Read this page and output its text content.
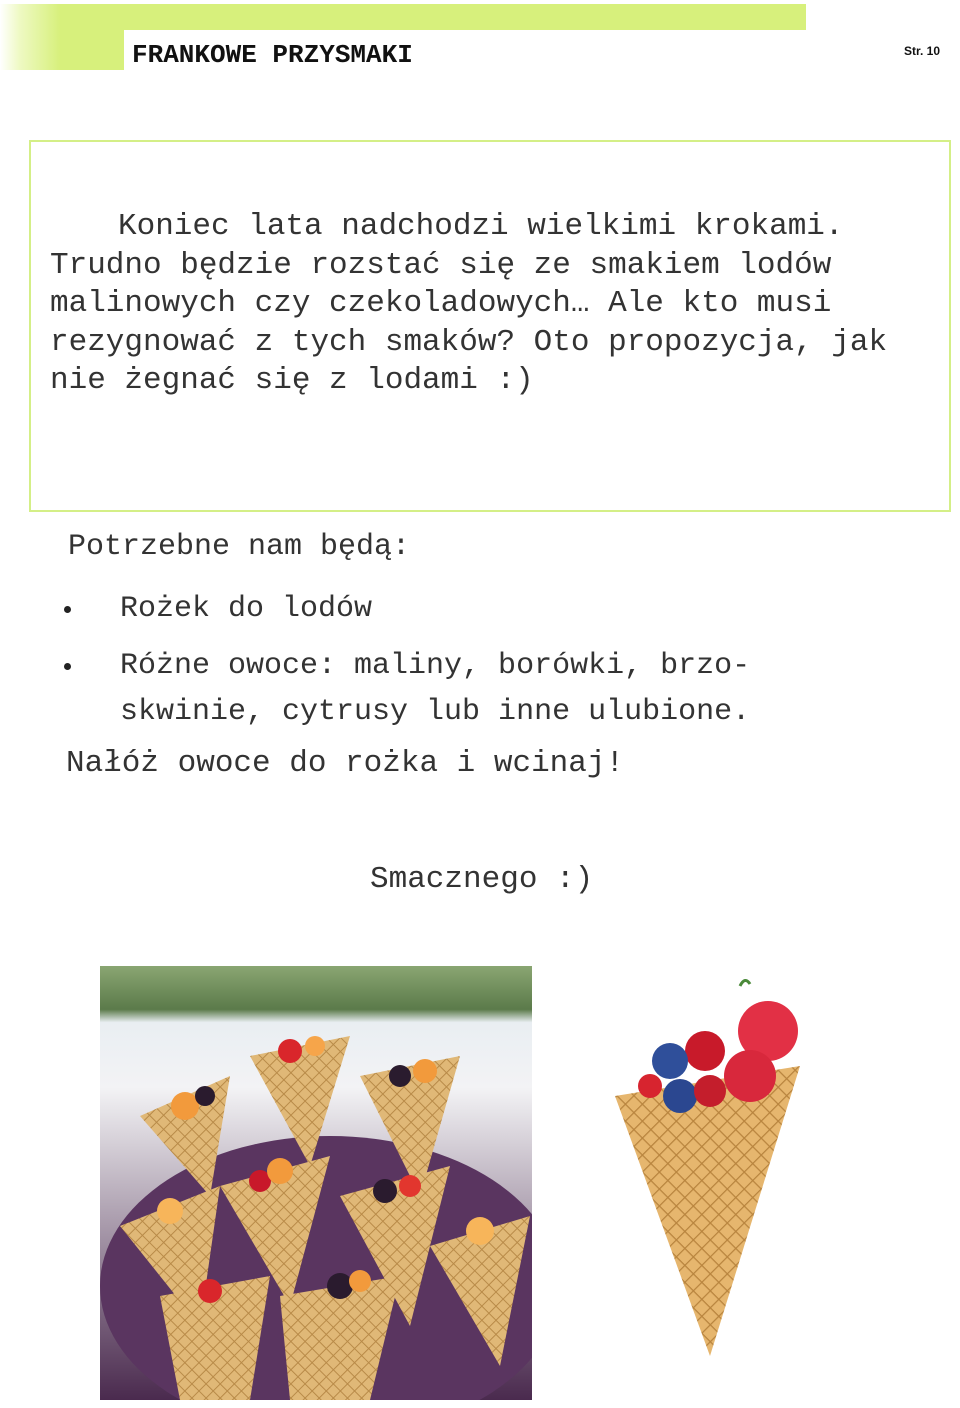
FRANKOWE PRZYSMAKI	Str. 10

Koniec lata nadchodzi wielkimi krokami. Trudno będzie rozstać się ze smakiem lodów malinowych czy czekoladowych… Ale kto musi rezygnować z tych smaków? Oto propozycja, jak nie żegnać się z lodami :)

Potrzebne nam będą:
Rożek do lodów
Różne owoce: maliny, borówki, brzo-skwinie, cytrusy lub inne ulubione.

Nałóż owoce do rożka i wcinaj!

Smacznego :)
